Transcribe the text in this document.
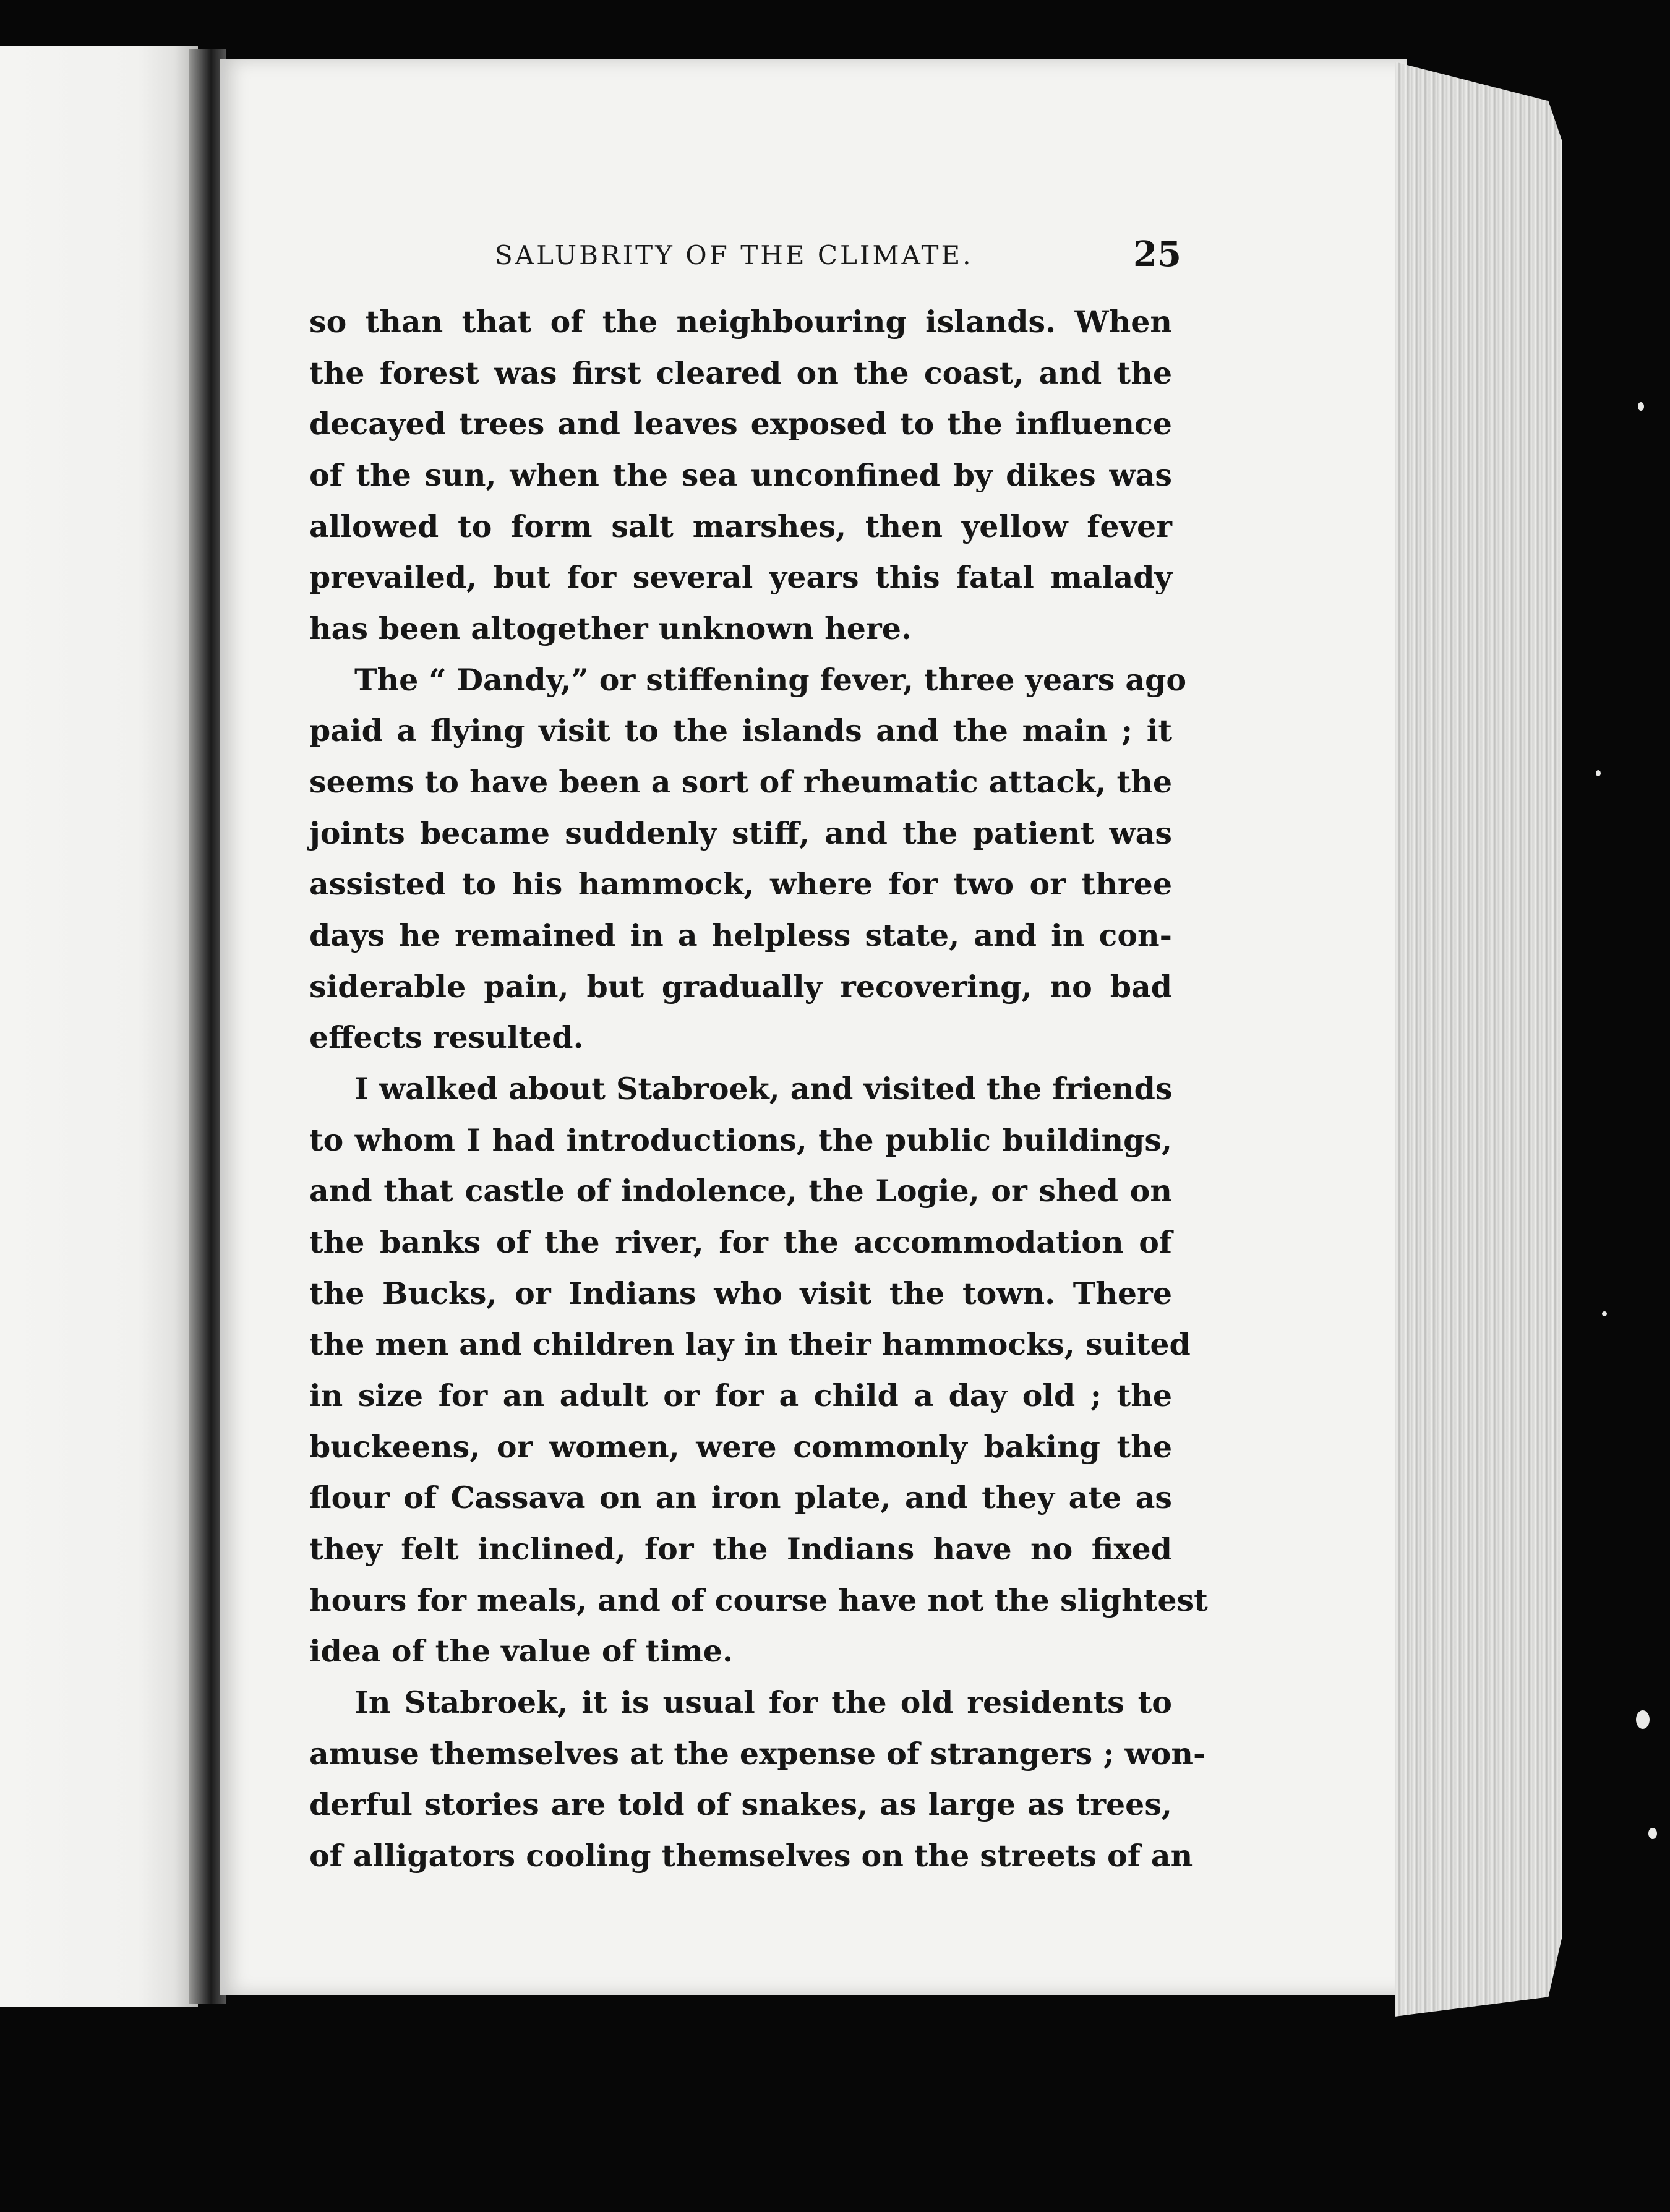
SALUBRITY OF THE CLIMATE.	25
so than that of the neighbouring islands. When
the forest was first cleared on the coast, and the
decayed trees and leaves exposed to the influence
of the sun, when the sea unconfined by dikes was
allowed to form salt marshes, then yellow fever
prevailed, but for several years this fatal malady
has been altogether unknown here.
The “ Dandy,” or stiffening fever, three years ago
paid a flying visit to the islands and the main ; it
seems to have been a sort of rheumatic attack, the
joints became suddenly stiff, and the patient was
assisted to his hammock, where for two or three
days he remained in a helpless state, and in con-
siderable pain, but gradually recovering, no bad
effects resulted.
I walked about Stabroek, and visited the friends
to whom I had introductions, the public buildings,
and that castle of indolence, the Logie, or shed on
the banks of the river, for the accommodation of
the Bucks, or Indians who visit the town. There
the men and children lay in their hammocks, suited
in size for an adult or for a child a day old ; the
buckeens, or women, were commonly baking the
flour of Cassava on an iron plate, and they ate as
they felt inclined, for the Indians have no fixed
hours for meals, and of course have not the slightest
idea of the value of time.
In Stabroek, it is usual for the old residents to
amuse themselves at the expense of strangers ; won-
derful stories are told of snakes, as large as trees,
of alligators cooling themselves on the streets of an
